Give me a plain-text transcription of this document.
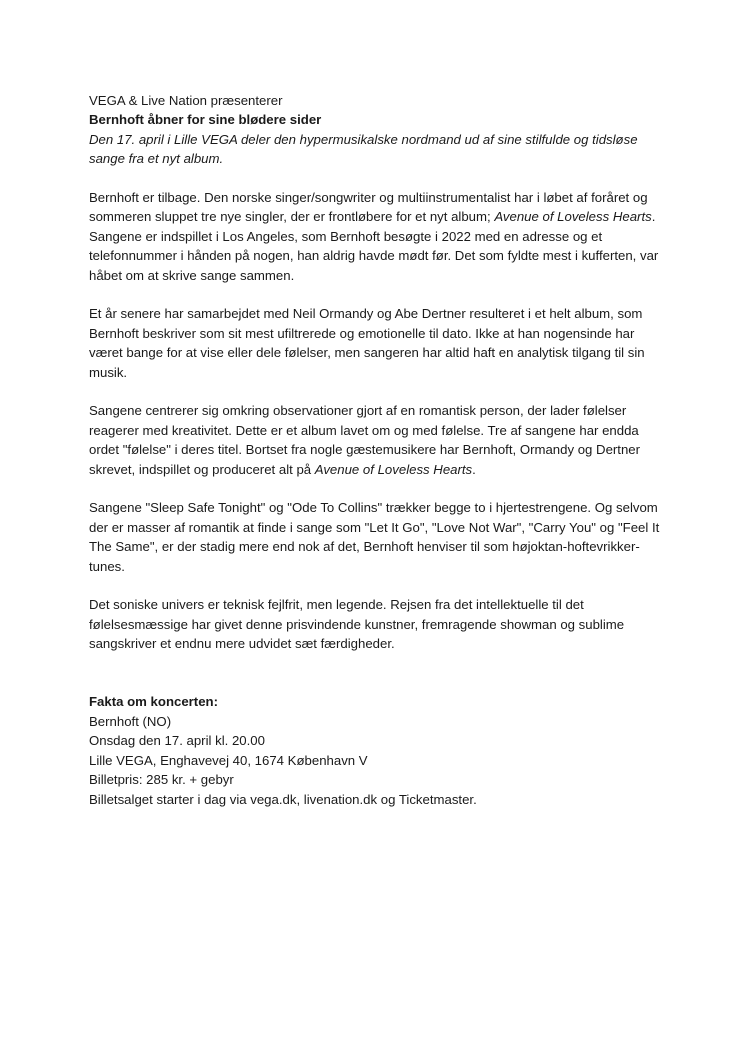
VEGA & Live Nation præsenterer
Bernhoft åbner for sine blødere sider

Den 17. april i Lille VEGA deler den hypermusikalske nordmand ud af sine stilfulde og tidsløse sange fra et nyt album.

Bernhoft er tilbage. Den norske singer/songwriter og multiinstrumentalist har i løbet af foråret og sommeren sluppet tre nye singler, der er frontløbere for et nyt album; Avenue of Loveless Hearts. Sangene er indspillet i Los Angeles, som Bernhoft besøgte i 2022 med en adresse og et telefonnummer i hånden på nogen, han aldrig havde mødt før. Det som fyldte mest i kufferten, var håbet om at skrive sange sammen.

Et år senere har samarbejdet med Neil Ormandy og Abe Dertner resulteret i et helt album, som Bernhoft beskriver som sit mest ufiltrerede og emotionelle til dato. Ikke at han nogensinde har været bange for at vise eller dele følelser, men sangeren har altid haft en analytisk tilgang til sin musik.

Sangene centrerer sig omkring observationer gjort af en romantisk person, der lader følelser reagerer med kreativitet. Dette er et album lavet om og med følelse. Tre af sangene har endda ordet "følelse" i deres titel. Bortset fra nogle gæstemusikere har Bernhoft, Ormandy og Dertner skrevet, indspillet og produceret alt på Avenue of Loveless Hearts.

Sangene "Sleep Safe Tonight" og "Ode To Collins" trækker begge to i hjertestrengene. Og selvom der er masser af romantik at finde i sange som "Let It Go", "Love Not War", "Carry You" og "Feel It The Same", er der stadig mere end nok af det, Bernhoft henviser til som højoktan-hoftevrikker-tunes.

Det soniske univers er teknisk fejlfrit, men legende. Rejsen fra det intellektuelle til det følelsesmæssige har givet denne prisvindende kunstner, fremragende showman og sublime sangskriver et endnu mere udvidet sæt færdigheder.

Fakta om koncerten:
Bernhoft (NO)
Onsdag den 17. april kl. 20.00
Lille VEGA, Enghavevej 40, 1674 København V
Billetpris: 285 kr. + gebyr
Billetsalget starter i dag via vega.dk, livenation.dk og Ticketmaster.
